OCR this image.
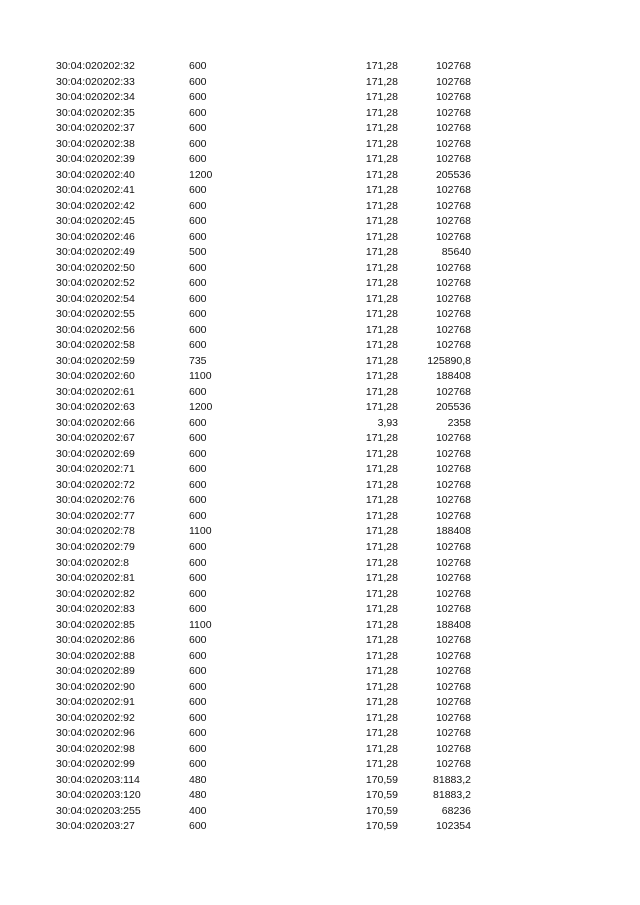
30:04:020202:32	600	171,28	102768
30:04:020202:33	600	171,28	102768
30:04:020202:34	600	171,28	102768
30:04:020202:35	600	171,28	102768
30:04:020202:37	600	171,28	102768
30:04:020202:38	600	171,28	102768
30:04:020202:39	600	171,28	102768
30:04:020202:40	1200	171,28	205536
30:04:020202:41	600	171,28	102768
30:04:020202:42	600	171,28	102768
30:04:020202:45	600	171,28	102768
30:04:020202:46	600	171,28	102768
30:04:020202:49	500	171,28	85640
30:04:020202:50	600	171,28	102768
30:04:020202:52	600	171,28	102768
30:04:020202:54	600	171,28	102768
30:04:020202:55	600	171,28	102768
30:04:020202:56	600	171,28	102768
30:04:020202:58	600	171,28	102768
30:04:020202:59	735	171,28	125890,8
30:04:020202:60	1100	171,28	188408
30:04:020202:61	600	171,28	102768
30:04:020202:63	1200	171,28	205536
30:04:020202:66	600	3,93	2358
30:04:020202:67	600	171,28	102768
30:04:020202:69	600	171,28	102768
30:04:020202:71	600	171,28	102768
30:04:020202:72	600	171,28	102768
30:04:020202:76	600	171,28	102768
30:04:020202:77	600	171,28	102768
30:04:020202:78	1100	171,28	188408
30:04:020202:79	600	171,28	102768
30:04:020202:8	600	171,28	102768
30:04:020202:81	600	171,28	102768
30:04:020202:82	600	171,28	102768
30:04:020202:83	600	171,28	102768
30:04:020202:85	1100	171,28	188408
30:04:020202:86	600	171,28	102768
30:04:020202:88	600	171,28	102768
30:04:020202:89	600	171,28	102768
30:04:020202:90	600	171,28	102768
30:04:020202:91	600	171,28	102768
30:04:020202:92	600	171,28	102768
30:04:020202:96	600	171,28	102768
30:04:020202:98	600	171,28	102768
30:04:020202:99	600	171,28	102768
30:04:020203:114	480	170,59	81883,2
30:04:020203:120	480	170,59	81883,2
30:04:020203:255	400	170,59	68236
30:04:020203:27	600	170,59	102354
